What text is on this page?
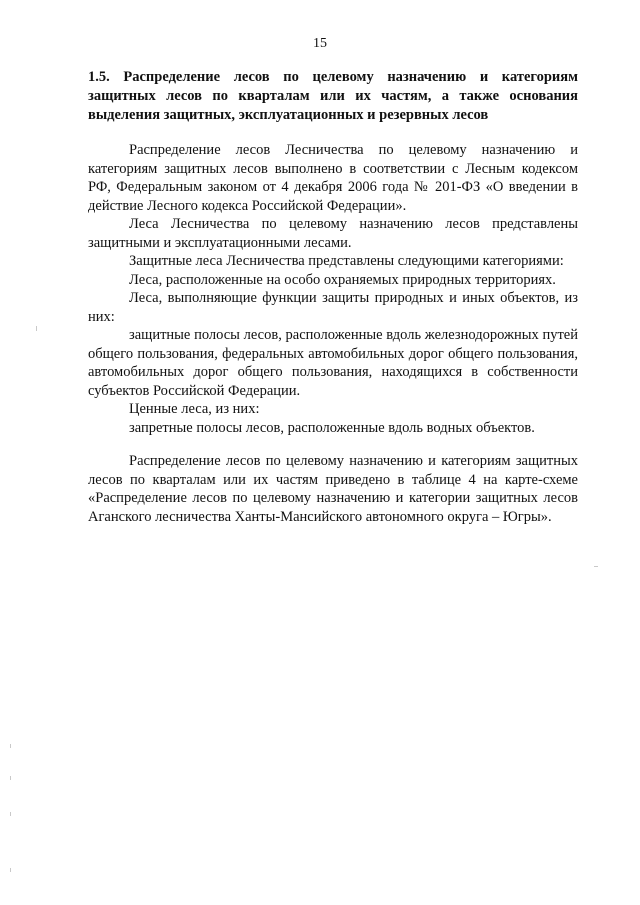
15
1.5. Распределение лесов по целевому назначению и категориям защитных лесов по кварталам или их частям, а также основания выделения защитных, эксплуатационных и резервных лесов

Распределение лесов Лесничества по целевому назначению и категориям защитных лесов выполнено в соответствии с Лесным кодексом РФ, Федеральным законом от 4 декабря 2006 года № 201-ФЗ «О введении в действие Лесного кодекса Российской Федерации».

Леса Лесничества по целевому назначению лесов представлены защитными и эксплуатационными лесами.

Защитные леса Лесничества представлены следующими категориями:

Леса, расположенные на особо охраняемых природных территориях.

Леса, выполняющие функции защиты природных и иных объектов, из них:

защитные полосы лесов, расположенные вдоль железнодорожных путей общего пользования, федеральных автомобильных дорог общего пользования, автомобильных дорог общего пользования, находящихся в собственности субъектов Российской Федерации.

Ценные леса, из них:

запретные полосы лесов, расположенные вдоль водных объектов.

Распределение лесов по целевому назначению и категориям защитных лесов по кварталам или их частям приведено в таблице 4 на карте-схеме «Распределение лесов по целевому назначению и категории защитных лесов Аганского лесничества Ханты-Мансийского автономного округа – Югры».
